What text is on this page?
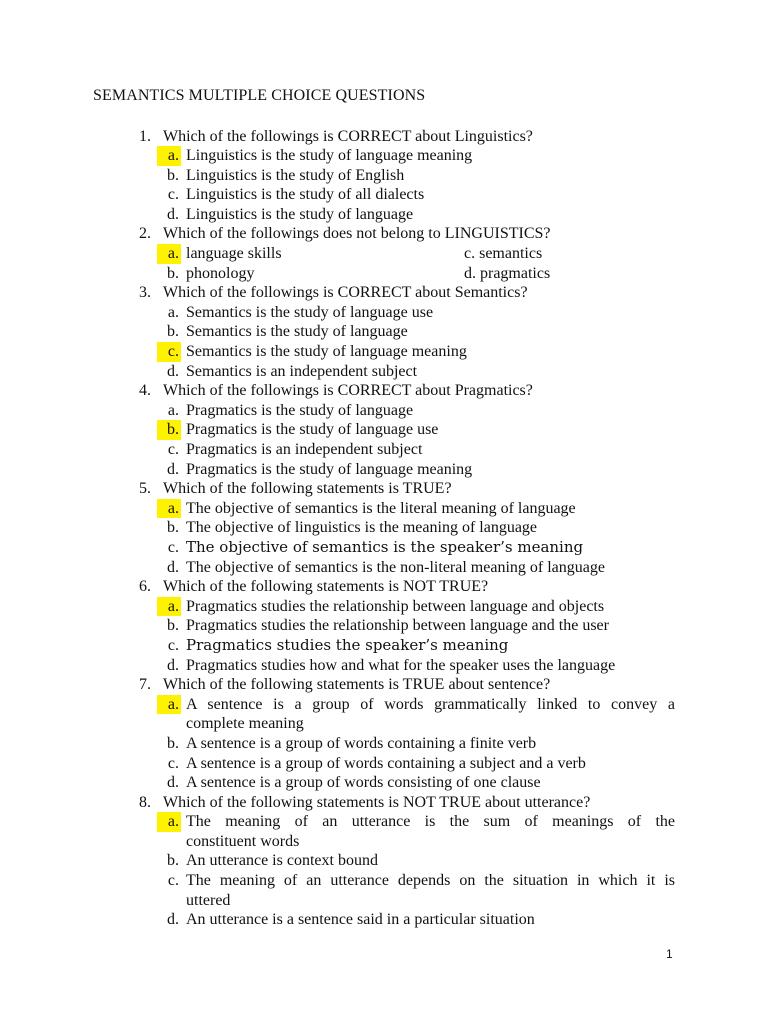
SEMANTICS MULTIPLE CHOICE QUESTIONS
1. Which of the followings is CORRECT about Linguistics?
a. Linguistics is the study of language meaning
b. Linguistics is the study of English
c. Linguistics is the study of all dialects
d. Linguistics is the study of language
2. Which of the followings does not belong to LINGUISTICS?
a. language skills	c. semantics
b. phonology	d. pragmatics
3. Which of the followings is CORRECT about Semantics?
a. Semantics is the study of language use
b. Semantics is the study of language
c. Semantics is the study of language meaning
d. Semantics is an independent subject
4. Which of the followings is CORRECT about Pragmatics?
a. Pragmatics is the study of language
b. Pragmatics is the study of language use
c. Pragmatics is an independent subject
d. Pragmatics is the study of language meaning
5. Which of the following statements is TRUE?
a. The objective of semantics is the literal meaning of language
b. The objective of linguistics is the meaning of language
c. The objective of semantics is the speaker’s meaning
d. The objective of semantics is the non-literal meaning of language
6. Which of the following statements is NOT TRUE?
a. Pragmatics studies the relationship between language and objects
b. Pragmatics studies the relationship between language and the user
c. Pragmatics studies the speaker’s meaning
d. Pragmatics studies how and what for the speaker uses the language
7. Which of the following statements is TRUE about sentence?
a. A sentence is a group of words grammatically linked to convey a
complete meaning
b. A sentence is a group of words containing a finite verb
c. A sentence is a group of words containing a subject and a verb
d. A sentence is a group of words consisting of one clause
8. Which of the following statements is NOT TRUE about utterance?
a. The meaning of an utterance is the sum of meanings of the
constituent words
b. An utterance is context bound
c. The meaning of an utterance depends on the situation in which it is
uttered
d. An utterance is a sentence said in a particular situation
1
